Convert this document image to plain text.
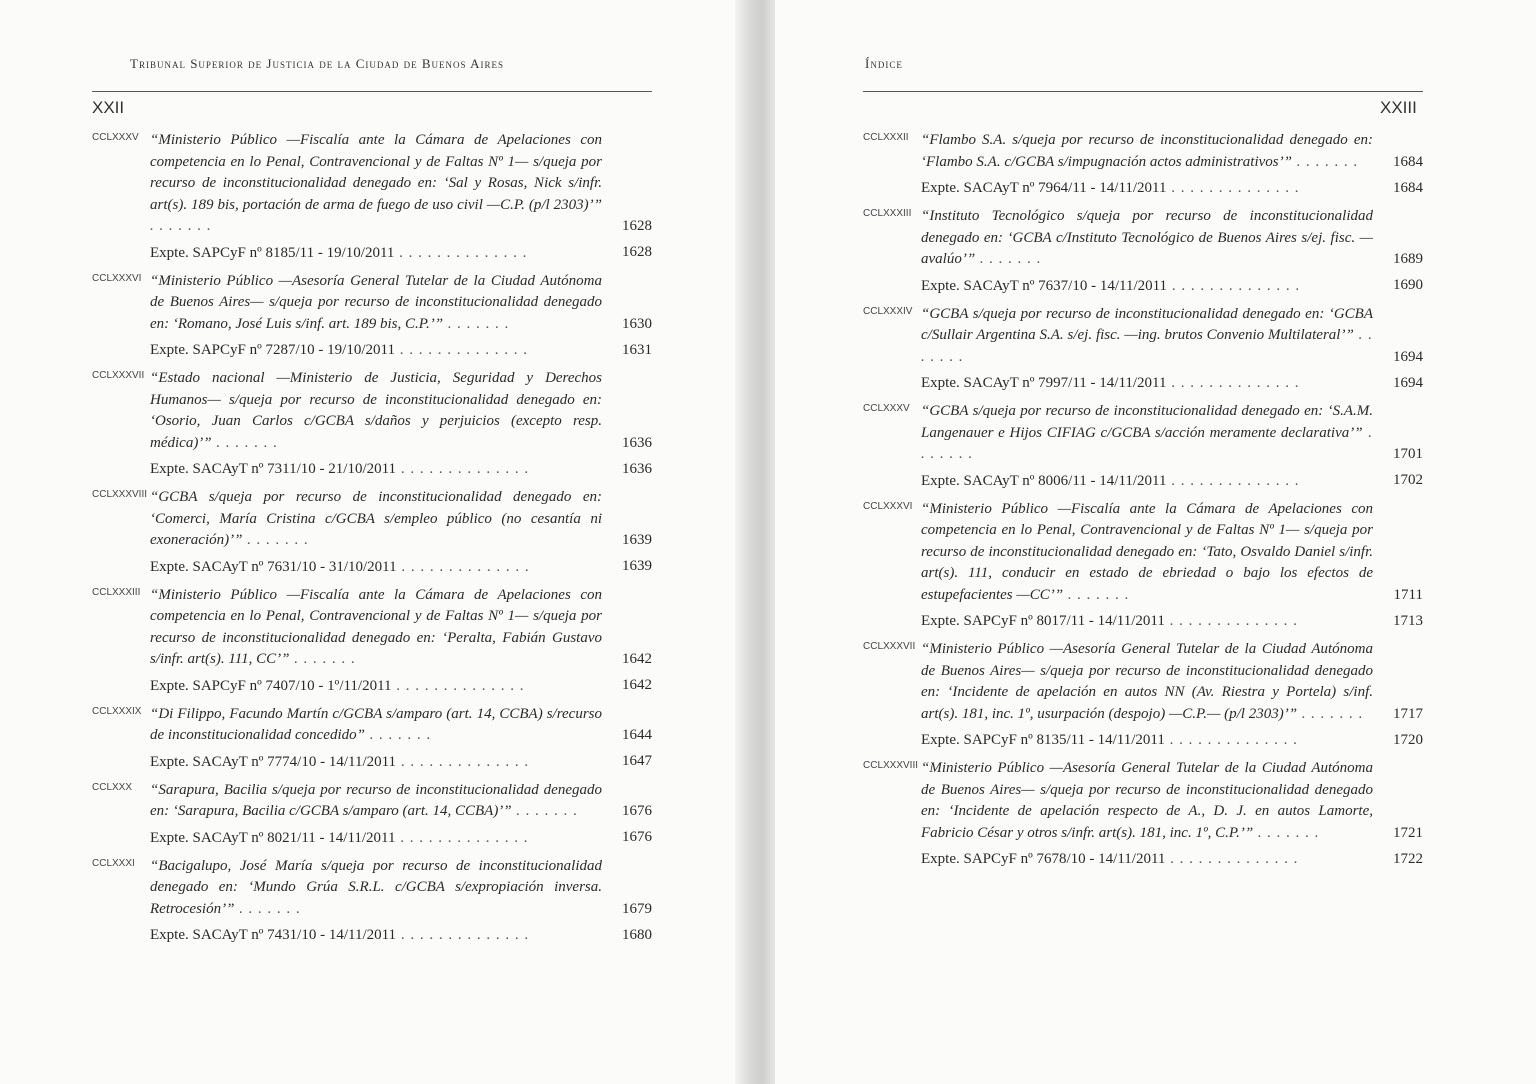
Tribunal Superior de Justicia de la Ciudad de Buenos Aires
XXII
CCLXXXV “Ministerio Público —Fiscalía ante la Cámara de Apelaciones con competencia en lo Penal, Contravencional y de Faltas Nº 1— s/queja por recurso de inconstitucionalidad denegado en: ‘Sal y Rosas, Nick s/infr. art(s). 189 bis, portación de arma de fuego de uso civil —C.P. (p/l 2303)’” . . . . . . .	1628

Expte. SAPCyF nº 8185/11 - 19/10/2011 . . . . . . . . . . . . . .	1628
CCLXXXVI “Ministerio Público —Asesoría General Tutelar de la Ciudad Autónoma de Buenos Aires— s/queja por recurso de inconstitucionalidad denegado en: ‘Romano, José Luis s/inf. art. 189 bis, C.P.’” . . . . . . .	1630

Expte. SAPCyF nº 7287/10 - 19/10/2011 . . . . . . . . . . . . . .	1631
CCLXXXVII “Estado nacional —Ministerio de Justicia, Seguridad y Derechos Humanos— s/queja por recurso de inconstitucionalidad denegado en: ‘Osorio, Juan Carlos c/GCBA s/daños y perjuicios (excepto resp. médica)’” . . . . . . .	1636

Expte. SACAyT nº 7311/10 - 21/10/2011 . . . . . . . . . . . . . .	1636
CCLXXXVIII “GCBA s/queja por recurso de inconstitucionalidad denegado en: ‘Comerci, María Cristina c/GCBA s/empleo público (no cesantía ni exoneración)’” . . . . . . .	1639

Expte. SACAyT nº 7631/10 - 31/10/2011 . . . . . . . . . . . . . .	1639
CCLXXXIII “Ministerio Público —Fiscalía ante la Cámara de Apelaciones con competencia en lo Penal, Contravencional y de Faltas Nº 1— s/queja por recurso de inconstitucionalidad denegado en: ‘Peralta, Fabián Gustavo s/infr. art(s). 111, CC’” . . . . . . .	1642

Expte. SAPCyF nº 7407/10 - 1º/11/2011 . . . . . . . . . . . . . .	1642
CCLXXXIX “Di Filippo, Facundo Martín c/GCBA s/amparo (art. 14, CCBA) s/recurso de inconstitucionalidad concedido” . . . . . . .	1644

Expte. SACAyT nº 7774/10 - 14/11/2011 . . . . . . . . . . . . . .	1647
CCLXXX	“Sarapura, Bacilia s/queja por recurso de inconstitucionalidad denegado en: ‘Sarapura, Bacilia c/GCBA s/amparo (art. 14, CCBA)’” . . . . . . .	1676

Expte. SACAyT nº 8021/11 - 14/11/2011 . . . . . . . . . . . . . .	1676
CCLXXXI	“Bacigalupo, José María s/queja por recurso de inconstitucionalidad denegado en: ‘Mundo Grúa S.R.L. c/GCBA s/expropiación inversa. Retrocesión’” . . . . . . .	1679

Expte. SACAyT nº 7431/10 - 14/11/2011 . . . . . . . . . . . . . .	1680
Índice
XXIII
CCLXXXII “Flambo S.A. s/queja por recurso de inconstitucionalidad denegado en: ‘Flambo S.A. c/GCBA s/impugnación actos administrativos’” . . . . . . . 1684

Expte. SACAyT nº 7964/11 - 14/11/2011 . . . . . . . . . . . . . .	1684
CCLXXXIII “Instituto Tecnológico s/queja por recurso de inconstitucionalidad denegado en: ‘GCBA c/Instituto Tecnológico de Buenos Aires s/ej. fisc. —avalúo’” . . . . . . .	1689

Expte. SACAyT nº 7637/10 - 14/11/2011 . . . . . . . . . . . . . .	1690
CCLXXXIV “GCBA s/queja por recurso de inconstitucionalidad denegado en: ‘GCBA c/Sullair Argentina S.A. s/ej. fisc. —ing. brutos Convenio Multilateral’” . . . . . . .	1694

Expte. SACAyT nº 7997/11 - 14/11/2011 . . . . . . . . . . . . . .	1694
CCLXXXV “GCBA s/queja por recurso de inconstitucionalidad denegado en: ‘S.A.M. Langenauer e Hijos CIFIAG c/GCBA s/acción meramente declarativa’” . . . . . . .	1701

Expte. SACAyT nº 8006/11 - 14/11/2011 . . . . . . . . . . . . . .	1702
CCLXXXVI “Ministerio Público —Fiscalía ante la Cámara de Apelaciones con competencia en lo Penal, Contravencional y de Faltas Nº 1— s/queja por recurso de inconstitucionalidad denegado en: ‘Tato, Osvaldo Daniel s/infr. art(s). 111, conducir en estado de ebriedad o bajo los efectos de estupefacientes —CC’” . . . . . . .	1711

Expte. SAPCyF nº 8017/11 - 14/11/2011 . . . . . . . . . . . . . .	1713
CCLXXXVII “Ministerio Público —Asesoría General Tutelar de la Ciudad Autónoma de Buenos Aires— s/queja por recurso de inconstitucionalidad denegado en: ‘Incidente de apelación en autos NN (Av. Riestra y Portela) s/inf. art(s). 181, inc. 1º, usurpación (despojo) —C.P.— (p/l 2303)’” . . . . . . . 1717

Expte. SAPCyF nº 8135/11 - 14/11/2011 . . . . . . . . . . . . . .	1720
CCLXXXVIII “Ministerio Público —Asesoría General Tutelar de la Ciudad Autónoma de Buenos Aires— s/queja por recurso de inconstitucionalidad denegado en: ‘Incidente de apelación respecto de A., D. J. en autos Lamorte, Fabricio César y otros s/infr. art(s). 181, inc. 1º, C.P.’” . . . . . . .	1721

Expte. SAPCyF nº 7678/10 - 14/11/2011 . . . . . . . . . . . . . .	1722
